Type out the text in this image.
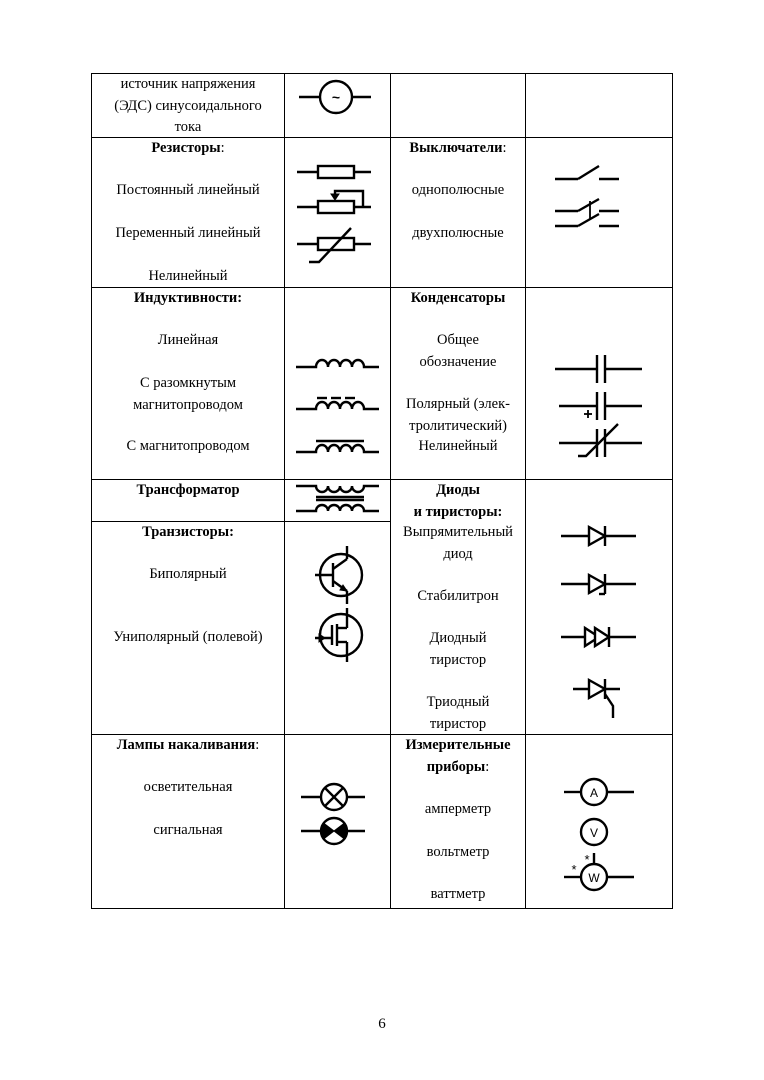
источник напряжения
(ЭДС) синусоидального
тока
~
Резисторы:
Постоянный линейный
Переменный линейный
Нелинейный
Выключатели:
однополюсные
двухполюсные
Индуктивности:
Линейная
С разомкнутым
магнитопроводом
С магнитопроводом
Конденсаторы
Общее
обозначение
Полярный (элек-
тролитический)
Нелинейный
Трансформатор
Транзисторы:
Биполярный
Униполярный (полевой)
Диоды
и тиристоры:
Выпрямительный
диод
Стабилитрон
Диодный
тиристор
Триодный
тиристор
Лампы накаливания:
осветительная
сигнальная
Измерительные
приборы:
амперметр
вольтметр
ваттметр
A
V
W
*
*
6
